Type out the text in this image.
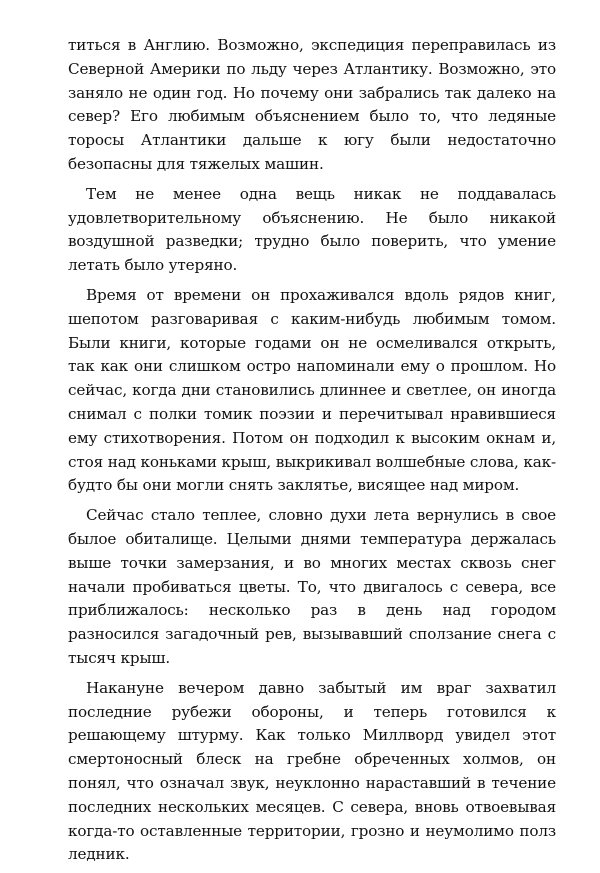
титься в Англию. Возможно, экспедиция переправилась из Северной Америки по льду через Атлантику. Возможно, это заняло не один год. Но почему они забрались так далеко на север? Его любимым объяснением было то, что ледяные торосы Атлантики дальше к югу были недостаточно безопасны для тяжелых машин.

Тем не менее одна вещь никак не поддавалась удовлетворительному объяснению. Не было никакой воздушной разведки; трудно было поверить, что умение летать было утеряно.

Время от времени он прохаживался вдоль рядов книг, шепотом разговаривая с каким-нибудь любимым томом. Были книги, которые годами он не осмеливался открыть, так как они слишком остро напоминали ему о прошлом. Но сейчас, когда дни становились длиннее и светлее, он иногда снимал с полки томик поэзии и перечитывал нравившиеся ему стихотворения. Потом он подходил к высоким окнам и, стоя над коньками крыш, выкрикивал волшебные слова, как-будто бы они могли снять заклятье, висящее над миром.

Сейчас стало теплее, словно духи лета вернулись в свое былое обиталище. Целыми днями температура держалась выше точки замерзания, и во многих местах сквозь снег начали пробиваться цветы. То, что двигалось с севера, все приближалось: несколько раз в день над городом разносился загадочный рев, вызывавший сползание снега с тысяч крыш.

Накануне вечером давно забытый им враг захватил последние рубежи обороны, и теперь готовился к решающему штурму. Как только Миллворд увидел этот смертоносный блеск на гребне обреченных холмов, он понял, что означал звук, неуклонно нараставший в течение последних нескольких месяцев. С севера, вновь отвоевывая когда-то оставленные территории, грозно и неумолимо полз ледник.
